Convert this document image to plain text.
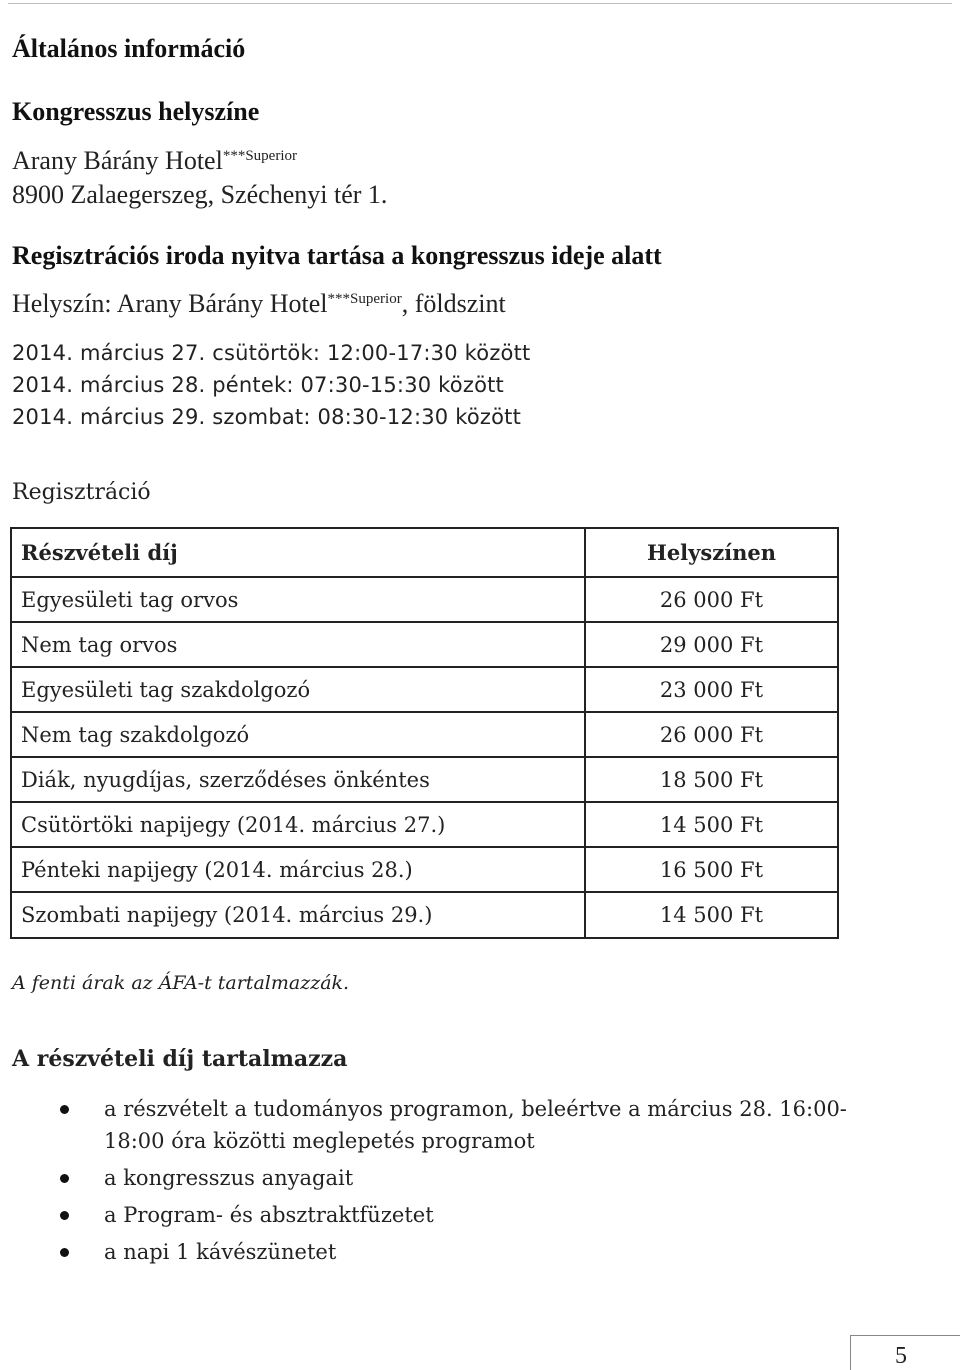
Általános információ
Kongresszus helyszíne
Arany Bárány Hotel$^{***Superior}$
8900 Zalaegerszeg, Széchenyi tér 1.
Regisztrációs iroda nyitva tartása a kongresszus ideje alatt
Helyszín: Arany Bárány Hotel$^{***Superior}$, földszint
2014. március 27. csütörtök: 12:00-17:30 között
2014. március 28. péntek: 07:30-15:30 között
2014. március 29. szombat: 08:30-12:30 között
Regisztráció
Részvételi díj	Helyszínen
Egyesületi tag orvos	26 000 Ft
Nem tag orvos	29 000 Ft
Egyesületi tag szakdolgozó	23 000 Ft
Nem tag szakdolgozó	26 000 Ft
Diák, nyugdíjas, szerződéses önkéntes	18 500 Ft
Csütörtöki napijegy (2014. március 27.)	14 500 Ft
Pénteki napijegy (2014. március 28.)	16 500 Ft
Szombati napijegy (2014. március 29.)	14 500 Ft
A fenti árak az ÁFA-t tartalmazzák.
A részvételi díj tartalmazza
a részvételt a tudományos programon, beleértve a március 28. 16:00-18:00 óra közötti meglepetés programot
a kongresszus anyagait
a Program- és absztraktfüzetet
a napi 1 kávészünetet
5
